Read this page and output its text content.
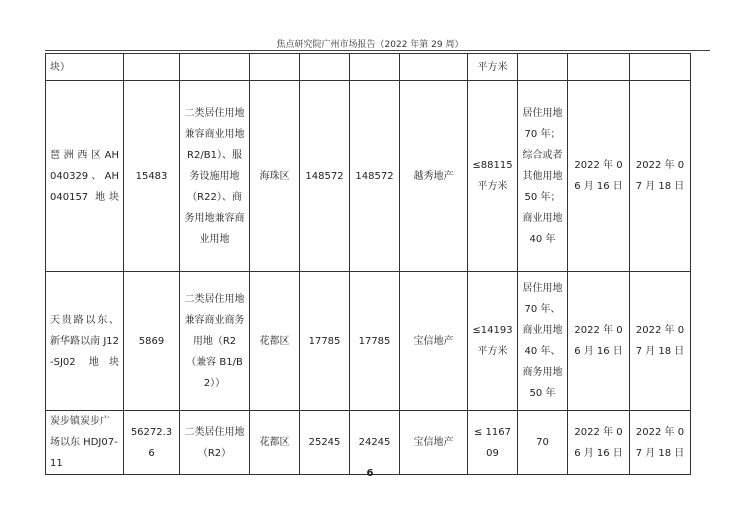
焦点研究院广州市场报告（2022 年第 29 周）
块）							平方米			
琶 洲 西 区 AH040329 、 AH040157 地块	15483	二类居住用地兼容商业用地 R2/B1）、服务设施用地（R22）、商务用地兼容商业用地	海珠区	148572	148572	越秀地产	≤88115 平方米	居住用地 70 年；综合或者其他用地 50 年；商业用地 40 年	2022 年 06 月 16 日	2022 年 07 月 18 日
天贵路以东、新华路以南 J12-SJ02 地块	5869	二类居住用地兼容商业商务用地（R2（兼容 B1/B2））	花都区	17785	17785	宝信地产	≤14193 平方米	居住用地 70 年、商业用地 40 年、商务用地 50 年	2022 年 06 月 16 日	2022 年 07 月 18 日
炭步镇炭步广场以东 HDJ07-11	56272.36	二类居住用地（R2）	花都区	25245	24245	宝信地产	≤ 116709	70	2022 年 06 月 16 日	2022 年 07 月 18 日
6
